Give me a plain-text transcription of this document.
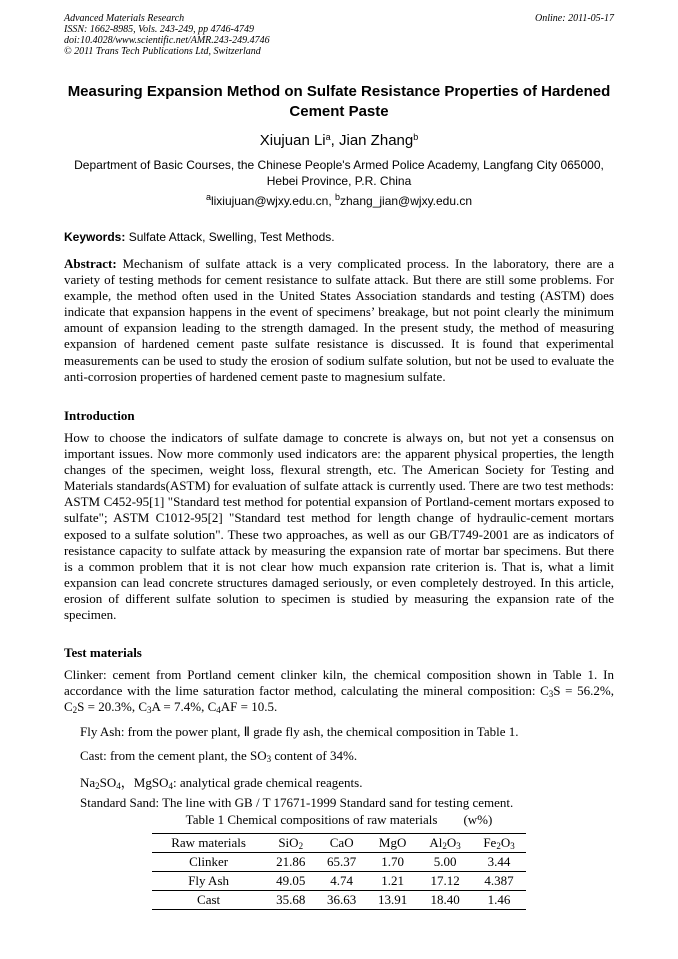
Advanced Materials Research
ISSN: 1662-8985, Vols. 243-249, pp 4746-4749
doi:10.4028/www.scientific.net/AMR.243-249.4746
© 2011 Trans Tech Publications Ltd, Switzerland
Online: 2011-05-17
Measuring Expansion Method on Sulfate Resistance Properties of Hardened Cement Paste
Xiujuan Li$^a$, Jian Zhang$^b$
Department of Basic Courses, the Chinese People's Armed Police Academy, Langfang City 065000, Hebei Province, P.R. China
$^a$lixiujuan@wjxy.edu.cn, $^b$zhang_jian@wjxy.edu.cn
Keywords: Sulfate Attack, Swelling, Test Methods.
Abstract: Mechanism of sulfate attack is a very complicated process. In the laboratory, there are a variety of testing methods for cement resistance to sulfate attack. But there are still some problems. For example, the method often used in the United States Association standards and testing (ASTM) does indicate that expansion happens in the event of specimens’ breakage, but not point clearly the minimum amount of expansion leading to the strength damaged. In the present study, the method of measuring expansion of hardened cement paste sulfate resistance is discussed. It is found that experimental measurements can be used to study the erosion of sodium sulfate solution, but not be used to evaluate the anti-corrosion properties of hardened cement paste to magnesium sulfate.
Introduction
How to choose the indicators of sulfate damage to concrete is always on, but not yet a consensus on important issues. Now more commonly used indicators are: the apparent physical properties, the length changes of the specimen, weight loss, flexural strength, etc. The American Society for Testing and Materials standards(ASTM) for evaluation of sulfate attack is currently used. There are two test methods: ASTM C452-95[1] "Standard test method for potential expansion of Portland-cement mortars exposed to sulfate"; ASTM C1012-95[2] "Standard test method for length change of hydraulic-cement mortars exposed to a sulfate solution". These two approaches, as well as our GB/T749-2001 are as indicators of resistance capacity to sulfate attack by measuring the expansion rate of mortar bar specimens. But there is a common problem that it is not clear how much expansion rate criterion is. That is, what a limit expansion can lead concrete structures damaged seriously, or even completely destroyed. In this article, erosion of different sulfate solution to specimen is studied by measuring the expansion rate of the specimen.
Test materials
Clinker: cement from Portland cement clinker kiln, the chemical composition shown in Table 1. In accordance with the lime saturation factor method, calculating the mineral composition: $C_3S = 56.2\%$, $C_2S = 20.3\%$, $C_3A = 7.4\%$, $C_4AF = 10.5$.
Fly Ash: from the power plant, Ⅱ grade fly ash, the chemical composition in Table 1.
Cast: from the cement plant, the $SO_3$ content of 34%.
$Na_2SO_4$，MgSO$_4$: analytical grade chemical reagents.
Standard Sand: The line with GB / T 17671-1999 Standard sand for testing cement.
Table 1 Chemical compositions of raw materials　　(w%)
Raw materials	SiO$_2$	CaO	MgO	$Al_2O_3$	$Fe_2O_3$
Clinker	21.86	65.37	1.70	5.00	3.44
Fly Ash	49.05	4.74	1.21	17.12	4.387
Cast	35.68	36.63	13.91	18.40	1.46
